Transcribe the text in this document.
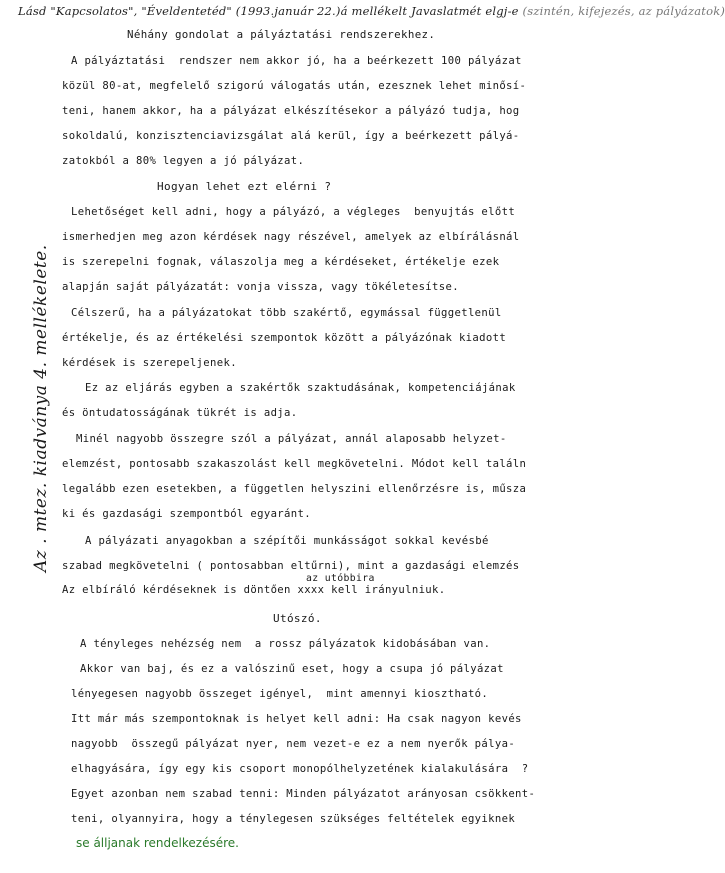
Lásd "Kapcsolatos", "Éveldentetéd" (1993.január 22.)á mellékelt Javaslatmét elgj-e (szintén, kifejezés, az pályázatok)
Az . mtez. kiadványa 4. mellékelete.
Néhány gondolat a pályáztatási rendszerekhez.
A pályáztatási  rendszer nem akkor jó, ha a beérkezett 100 pályázat
közül 80-at, megfelelő szigorú válogatás után, ezesznek lehet minősí-
teni, hanem akkor, ha a pályázat elkészítésekor a pályázó tudja, hog
sokoldalú, konzisztenciavizsgálat alá kerül, így a beérkezett pályá-
zatokból a 80% legyen a jó pályázat.
Hogyan lehet ezt elérni ?
Lehetőséget kell adni, hogy a pályázó, a végleges  benyujtás előtt
ismerhedjen meg azon kérdések nagy részével, amelyek az elbírálásnál
is szerepelni fognak, válaszolja meg a kérdéseket, értékelje ezek
alapján saját pályázatát: vonja vissza, vagy tökéletesítse.
Célszerű, ha a pályázatokat több szakértő, egymással függetlenül
értékelje, és az értékelési szempontok között a pályázónak kiadott
kérdések is szerepeljenek.
Ez az eljárás egyben a szakértők szaktudásának, kompetenciájának
és öntudatosságának tükrét is adja.
Minél nagyobb összegre szól a pályázat, annál alaposabb helyzet-
elemzést, pontosabb szakaszolást kell megkövetelni. Módot kell találn
legalább ezen esetekben, a független helyszini ellenőrzésre is, műsza
ki és gazdasági szempontból egyaránt.
A pályázati anyagokban a szépítői munkásságot sokkal kevésbé
szabad megkövetelni ( pontosabban eltűrni), mint a gazdasági elemzés
az utóbbira
Az elbíráló kérdéseknek is döntően xxxx kell irányulniuk.
Utószó.
A tényleges nehézség nem  a rossz pályázatok kidobásában van.
Akkor van baj, és ez a valószinű eset, hogy a csupa jó pályázat
lényegesen nagyobb összeget igényel,  mint amennyi kiosztható.
Itt már más szempontoknak is helyet kell adni: Ha csak nagyon kevés
nagyobb  összegű pályázat nyer, nem vezet-e ez a nem nyerők pálya-
elhagyására, így egy kis csoport monopólhelyzetének kialakulására  ?
Egyet azonban nem szabad tenni: Minden pályázatot arányosan csökkent-
teni, olyannyira, hogy a ténylegesen szükséges feltételek egyiknek
se álljanak rendelkezésére.
